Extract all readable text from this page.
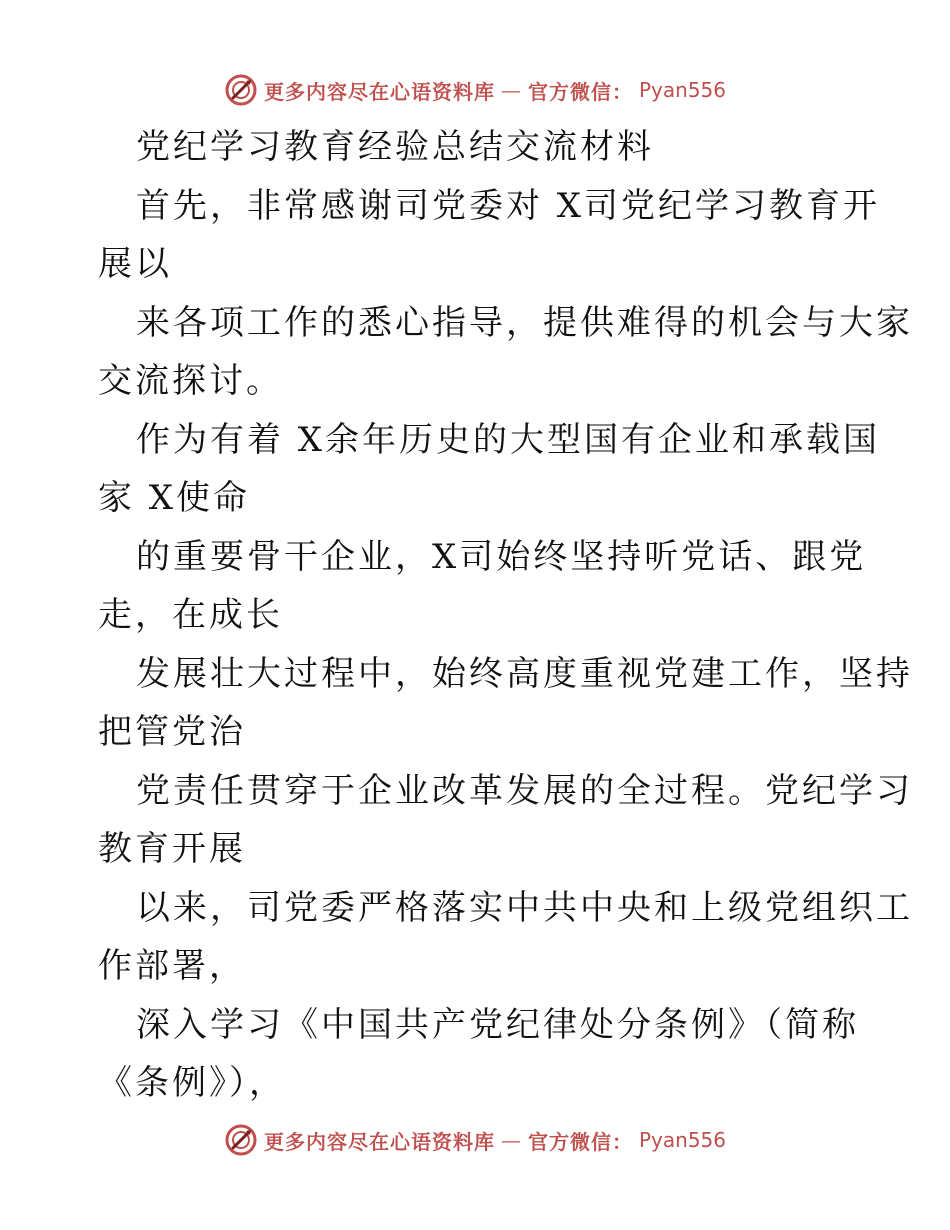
更多内容尽在心语资料库 — 官方微信： Pyan556
党纪学习教育经验总结交流材料
首先，非常感谢司党委对 X司党纪学习教育开
展以
来各项工作的悉心指导，提供难得的机会与大家
交流探讨。
作为有着 X余年历史的大型国有企业和承载国
家 X使命
的重要骨干企业，X司始终坚持听党话、跟党
走，在成长
发展壮大过程中，始终高度重视党建工作，坚持
把管党治
党责任贯穿于企业改革发展的全过程。党纪学习
教育开展
以来，司党委严格落实中共中央和上级党组织工
作部署，
深入学习《中国共产党纪律处分条例》（简称
《条例》），
更多内容尽在心语资料库 — 官方微信： Pyan556
